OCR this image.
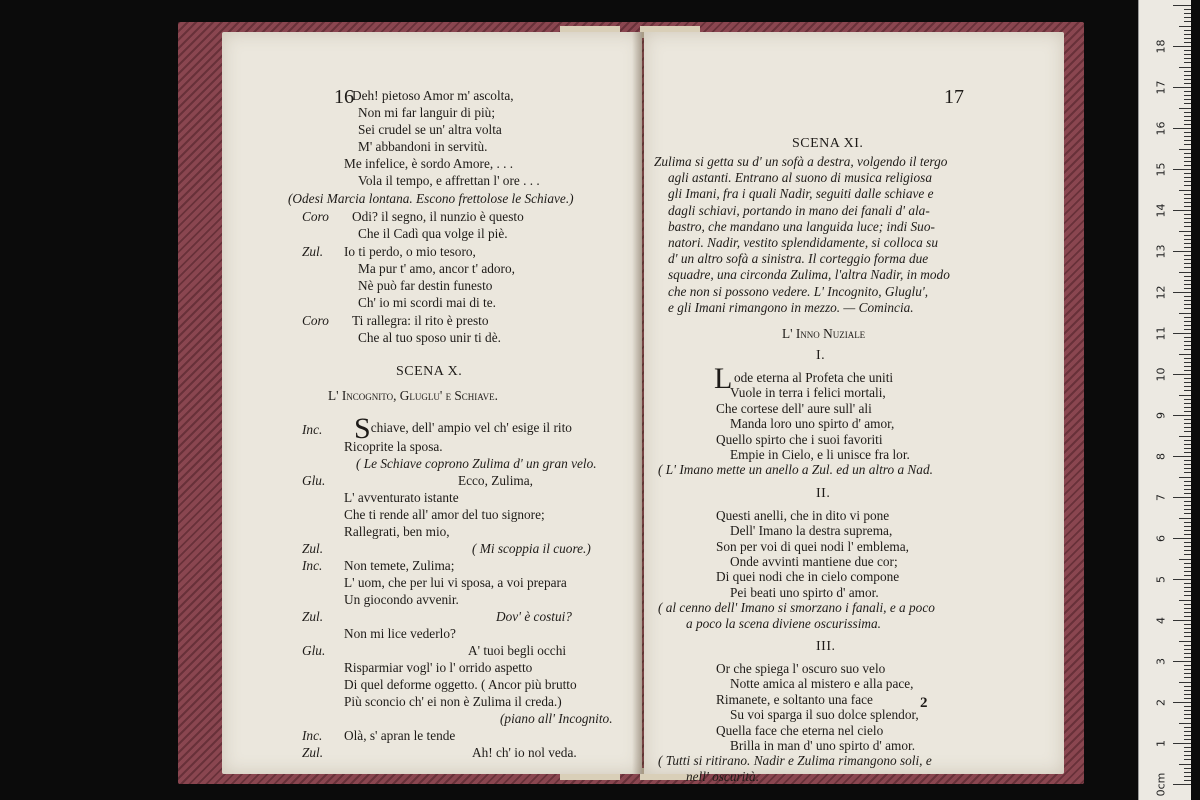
16
Deh! pietoso Amor m' ascolta,
Non mi far languir di più;
Sei crudel se un' altra volta
M' abbandoni in servitù.
Me infelice, è sordo Amore, . . .
Vola il tempo, e affrettan l' ore . . .
(Odesi Marcia lontana. Escono frettolose le Schiave.)
Coro Odi? il segno, il nunzio è questo
Che il Cadì qua volge il piè.
Zul. Io ti perdo, o mio tesoro,
Ma pur t' amo, ancor t' adoro,
Nè può far destin funesto
Ch' io mi scordi mai di te.
Coro Ti rallegra: il rito è presto
Che al tuo sposo unir ti dè.
SCENA X.
L' Incognito, Gluglu' e Schiave.
Inc. Schiave, dell' ampio vel ch' esige il rito
Ricoprite la sposa.
( Le Schiave coprono Zulima d' un gran velo.
Glu.	Ecco, Zulima,
L' avventurato istante
Che ti rende all' amor del tuo signore;
Rallegrati, ben mio,
Zul.	( Mi scoppia il cuore.)
Inc. Non temete, Zulima;
L' uom, che per lui vi sposa, a voi prepara
Un giocondo avvenir.
Zul.	Dov' è costui?
Non mi lice vederlo?
Glu.	A' tuoi begli occhi
Risparmiar vogl' io l' orrido aspetto
Di quel deforme oggetto. ( Ancor più brutto
Più sconcio ch' ei non è Zulima il creda.)
(piano all' Incognito.
Inc. Olà, s' apran le tende
Zul.	Ah! ch' io nol veda.
17
SCENA XI.
Zulima si getta su d' un sofà a destra, volgendo il tergo
agli astanti. Entrano al suono di musica religiosa
gli Imani, fra i quali Nadir, seguiti dalle schiave e
dagli schiavi, portando in mano dei fanali d' ala-
bastro, che mandano una languida luce; indi Suo-
natori. Nadir, vestito splendidamente, si colloca su
d' un altro sofà a sinistra. Il corteggio forma due
squadre, una circonda Zulima, l'altra Nadir, in modo
che non si possono vedere. L' Incognito, Gluglu',
e gli Imani rimangono in mezzo. — Comincia.
L' Inno Nuziale
I.
ode eterna al Profeta che uniti
L
Vuole in terra i felici mortali,
Che cortese dell' aure sull' ali
Manda loro uno spirto d' amor,
Quello spirto che i suoi favoriti
Empie in Cielo, e li unisce fra lor.
( L' Imano mette un anello a Zul. ed un altro a Nad.
II.
Questi anelli, che in dito vi pone
Dell' Imano la destra suprema,
Son per voi di quei nodi l' emblema,
Onde avvinti mantiene due cor;
Di quei nodi che in cielo compone
Pei beati uno spirto d' amor.
( al cenno dell' Imano si smorzano i fanali, e a poco
a poco la scena diviene oscurissima.
III.
Or che spiega l' oscuro suo velo
Notte amica al mistero e alla pace,
Rimanete, e soltanto una face
Su voi sparga il suo dolce splendor,
Quella face che eterna nel cielo
Brilla in man d' uno spirto d' amor.
( Tutti si ritirano. Nadir e Zulima rimangono soli, e
nell' oscurità.
2
18
17
16
15
14
13
12
11
10
9
8
7
6
5
4
3
2
1
0cm
